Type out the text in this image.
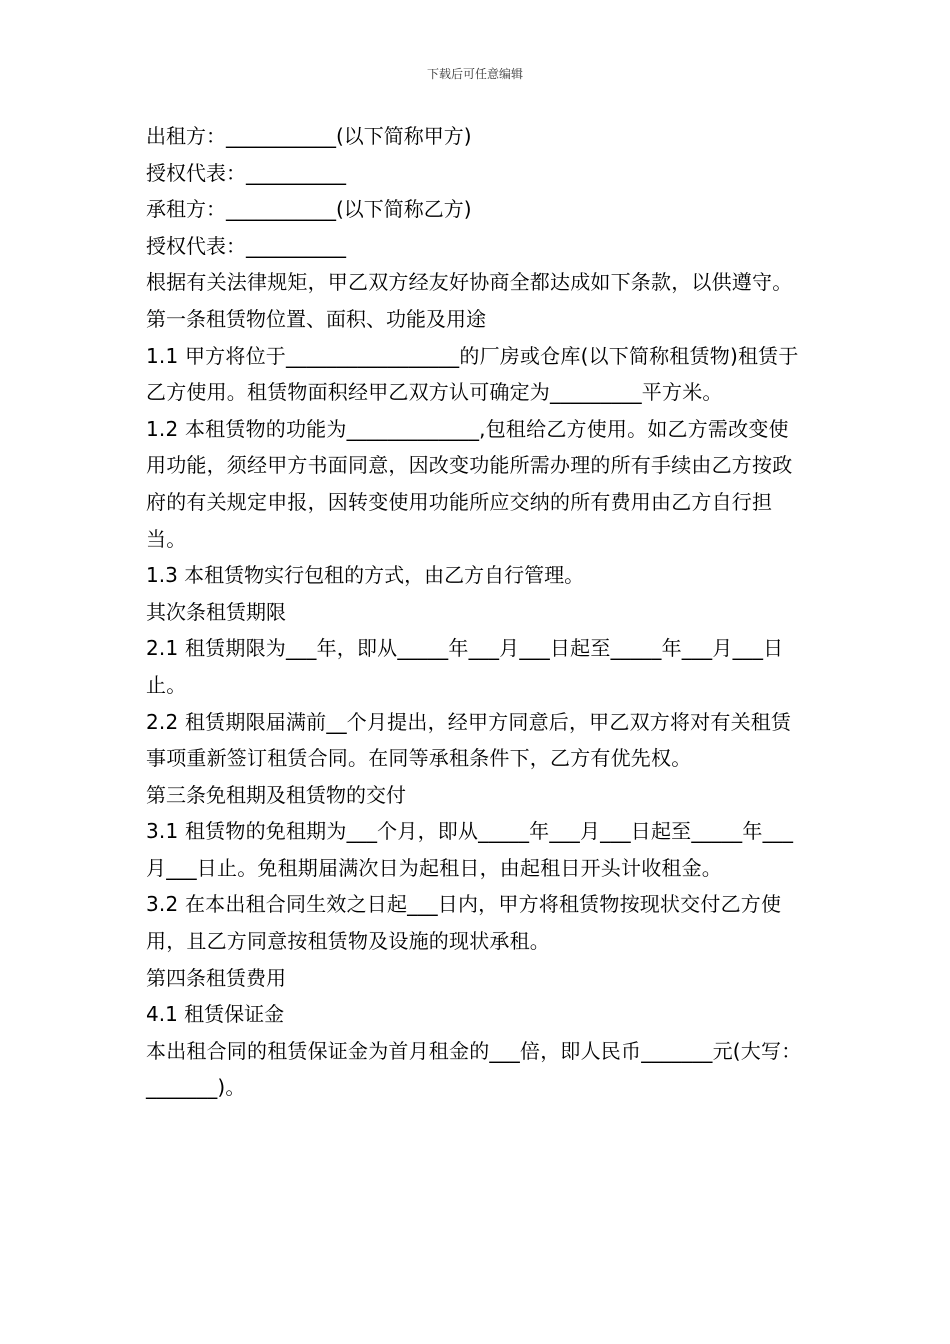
下载后可任意编辑

出租方：___________(以下简称甲方)

授权代表：__________

承租方：___________(以下简称乙方)

授权代表：__________

根据有关法律规矩，甲乙双方经友好协商全都达成如下条款，以供遵守。

第一条租赁物位置、面积、功能及用途

1.1 甲方将位于_________________的厂房或仓库(以下简称租赁物)租赁于乙方使用。租赁物面积经甲乙双方认可确定为_________平方米。

1.2 本租赁物的功能为_____________,包租给乙方使用。如乙方需改变使用功能，须经甲方书面同意，因改变功能所需办理的所有手续由乙方按政府的有关规定申报，因转变使用功能所应交纳的所有费用由乙方自行担当。

1.3 本租赁物实行包租的方式，由乙方自行管理。

其次条租赁期限

2.1 租赁期限为___年，即从_____年___月___日起至_____年___月___日止。

2.2 租赁期限届满前__个月提出，经甲方同意后，甲乙双方将对有关租赁事项重新签订租赁合同。在同等承租条件下，乙方有优先权。

第三条免租期及租赁物的交付

3.1 租赁物的免租期为___个月，即从_____年___月___日起至_____年___月___日止。免租期届满次日为起租日，由起租日开头计收租金。

3.2 在本出租合同生效之日起___日内，甲方将租赁物按现状交付乙方使用，且乙方同意按租赁物及设施的现状承租。

第四条租赁费用

4.1 租赁保证金

本出租合同的租赁保证金为首月租金的___倍，即人民币_______元(大写：_______)。
